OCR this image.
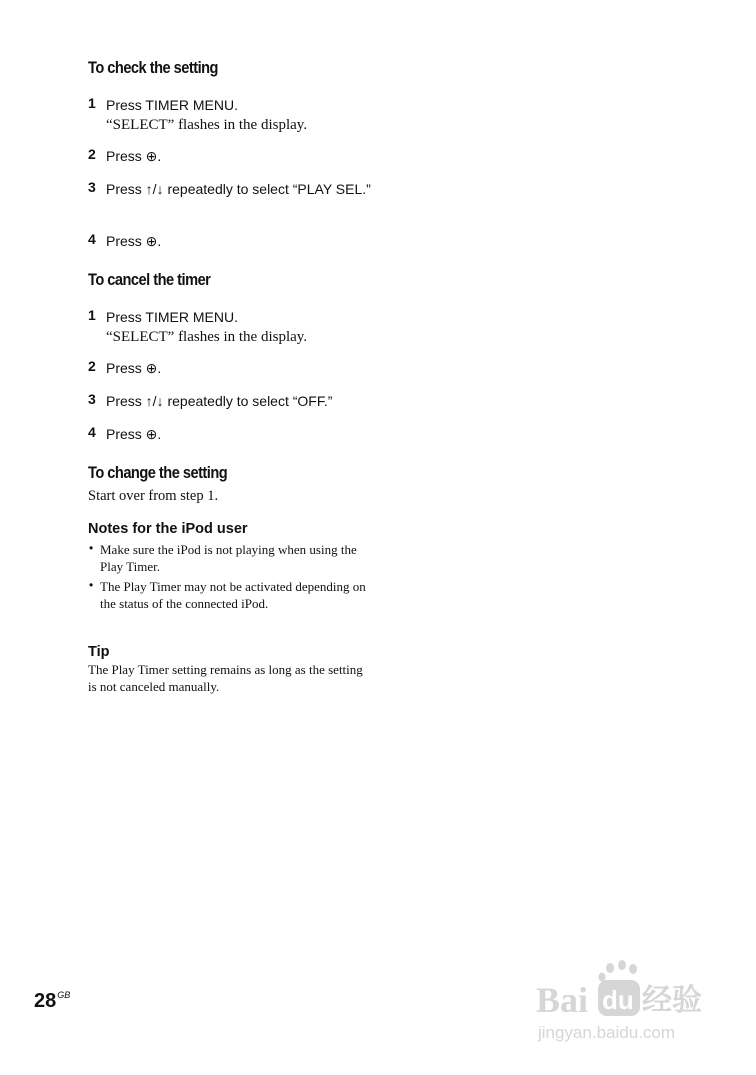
To check the setting
1 Press TIMER MENU.
“SELECT” flashes in the display.
2 Press ⊕.
3 Press ↑/↓ repeatedly to select “PLAY SEL.”
4 Press ⊕.
To cancel the timer
1 Press TIMER MENU.
“SELECT” flashes in the display.
2 Press ⊕.
3 Press ↑/↓ repeatedly to select “OFF.”
4 Press ⊕.
To change the setting
Start over from step 1.
Notes for the iPod user
• Make sure the iPod is not playing when using the Play Timer.
• The Play Timer may not be activated depending on the status of the connected iPod.
Tip
The Play Timer setting remains as long as the setting is not canceled manually.
$28^{GB}$	Bai du 经验
jingyan.baidu.com
